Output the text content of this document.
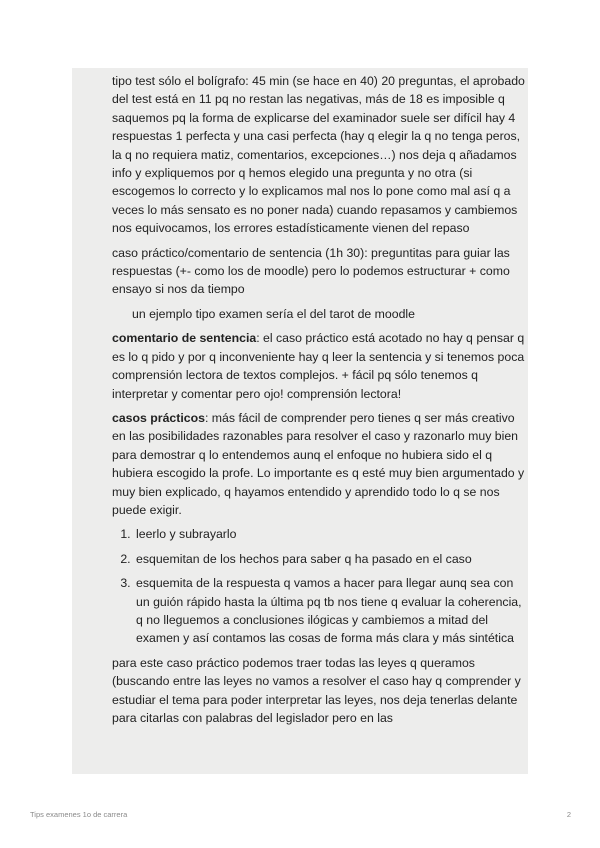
tipo test sólo el bolígrafo: 45 min (se hace en 40) 20 preguntas, el aprobado del test está en 11 pq no restan las negativas, más de 18 es imposible q saquemos pq la forma de explicarse del examinador suele ser difícil hay 4 respuestas 1 perfecta y una casi perfecta (hay q elegir la q no tenga peros, la q no requiera matiz, comentarios, excepciones…) nos deja q añadamos info y expliquemos por q hemos elegido una pregunta y no otra (si escogemos lo correcto y lo explicamos mal nos lo pone como mal así q a veces lo más sensato es no poner nada) cuando repasamos y cambiemos nos equivocamos, los errores estadísticamente vienen del repaso

caso práctico/comentario de sentencia (1h 30): preguntitas para guiar las respuestas (+- como los de moodle) pero lo podemos estructurar + como ensayo si nos da tiempo

un ejemplo tipo examen sería el del tarot de moodle

comentario de sentencia: el caso práctico está acotado no hay q pensar q es lo q pido y por q inconveniente hay q leer la sentencia y si tenemos poca comprensión lectora de textos complejos. + fácil pq sólo tenemos q interpretar y comentar pero ojo! comprensión lectora!

casos prácticos: más fácil de comprender pero tienes q ser más creativo en las posibilidades razonables para resolver el caso y razonarlo muy bien para demostrar q lo entendemos aunq el enfoque no hubiera sido el q hubiera escogido la profe. Lo importante es q esté muy bien argumentado y muy bien explicado, q hayamos entendido y aprendido todo lo q se nos puede exigir.

1. leerlo y subrayarlo
2. esquemitan de los hechos para saber q ha pasado en el caso
3. esquemita de la respuesta q vamos a hacer para llegar aunq sea con un guión rápido hasta la última pq tb nos tiene q evaluar la coherencia, q no lleguemos a conclusiones ilógicas y cambiemos a mitad del examen y así contamos las cosas de forma más clara y más sintética

para este caso práctico podemos traer todas las leyes q queramos (buscando entre las leyes no vamos a resolver el caso hay q comprender y estudiar el tema para poder interpretar las leyes, nos deja tenerlas delante para citarlas con palabras del legislador pero en las

Tips examenes 1o de carrera	2
